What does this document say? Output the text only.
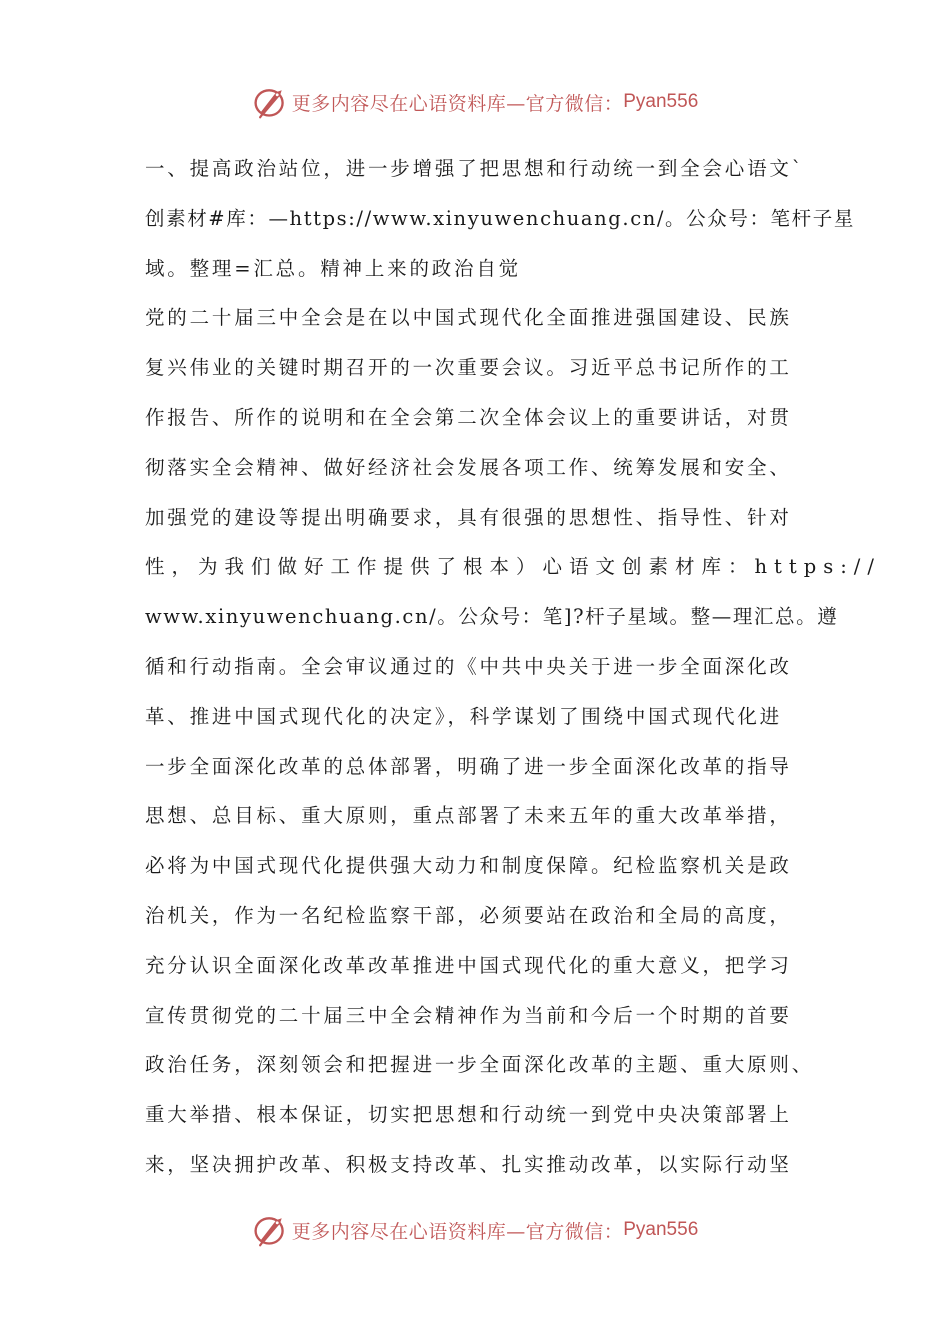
更多内容尽在心语资料库—官方微信： Pyan556
一、提高政治站位，进一步增强了把思想和行动统一到全会心语文`
创素材#库：—https://www.xinyuwenchuang.cn/。公众号：笔杆子星
域。整理=汇总。精神上来的政治自觉
党的二十届三中全会是在以中国式现代化全面推进强国建设、民族
复兴伟业的关键时期召开的一次重要会议。习近平总书记所作的工
作报告、所作的说明和在全会第二次全体会议上的重要讲话，对贯
彻落实全会精神、做好经济社会发展各项工作、统筹发展和安全、
加强党的建设等提出明确要求，具有很强的思想性、指导性、针对
性，为我们做好工作提供了根本）心语文创素材库：https://
www.xinyuwenchuang.cn/。公众号：笔]?杆子星域。整—理汇总。遵
循和行动指南。全会审议通过的《中共中央关于进一步全面深化改
革、推进中国式现代化的决定》，科学谋划了围绕中国式现代化进
一步全面深化改革的总体部署，明确了进一步全面深化改革的指导
思想、总目标、重大原则，重点部署了未来五年的重大改革举措，
必将为中国式现代化提供强大动力和制度保障。纪检监察机关是政
治机关，作为一名纪检监察干部，必须要站在政治和全局的高度，
充分认识全面深化改革改革推进中国式现代化的重大意义，把学习
宣传贯彻党的二十届三中全会精神作为当前和今后一个时期的首要
政治任务，深刻领会和把握进一步全面深化改革的主题、重大原则、
重大举措、根本保证，切实把思想和行动统一到党中央决策部署上
来，坚决拥护改革、积极支持改革、扎实推动改革，以实际行动坚
更多内容尽在心语资料库—官方微信： Pyan556
